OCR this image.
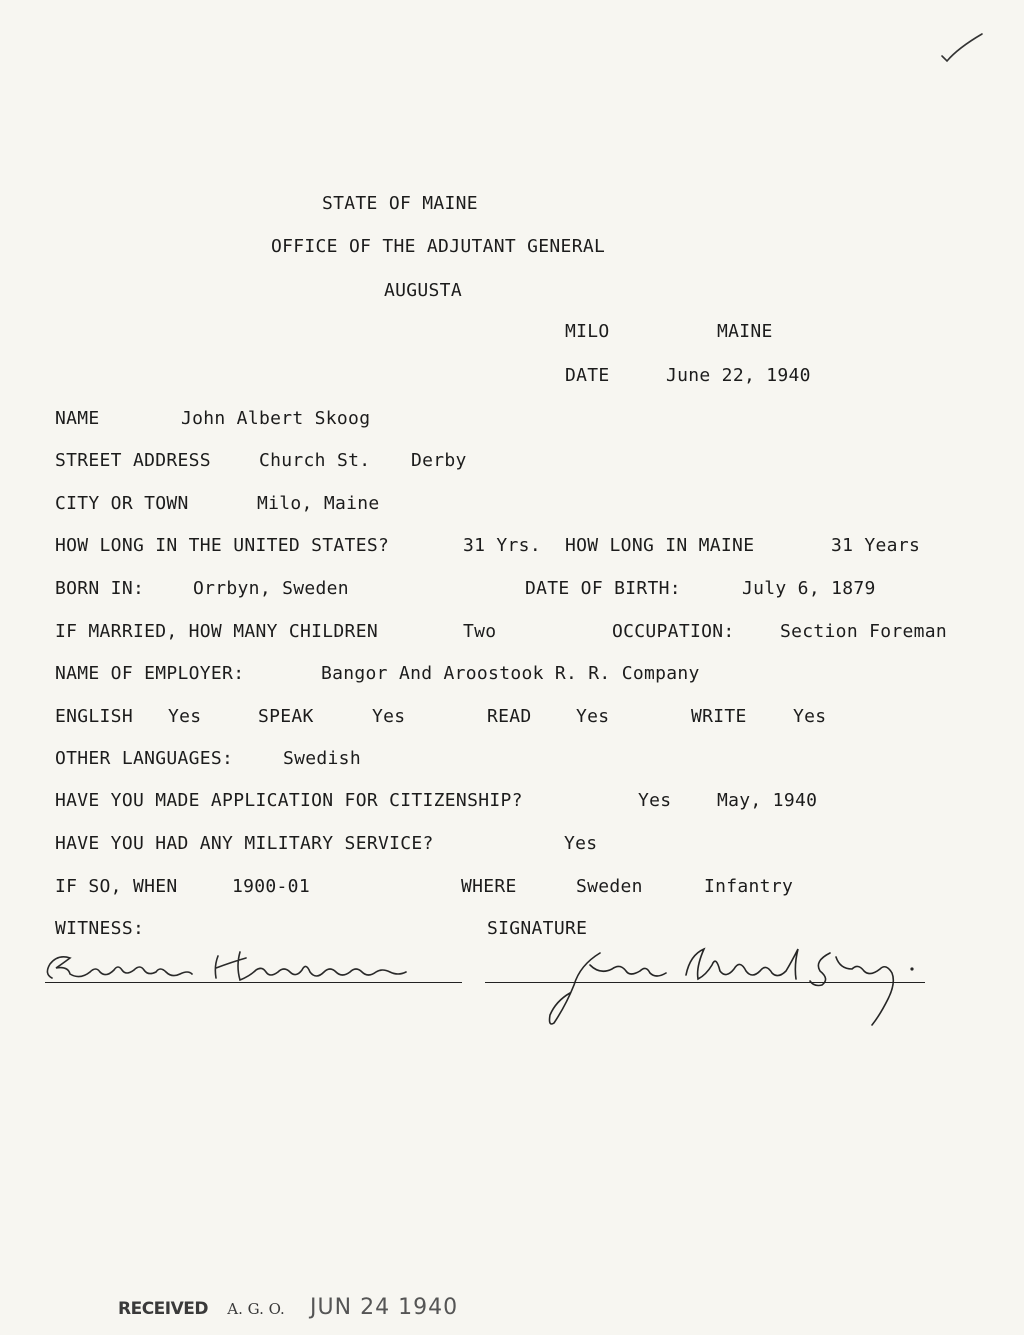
STATE OF MAINE
OFFICE OF THE ADJUTANT GENERAL
AUGUSTA
MILO	MAINE
DATE	June 22, 1940
NAME	John Albert Skoog
STREET ADDRESS	Church St. Derby
CITY OR TOWN	Milo, Maine
HOW LONG IN THE UNITED STATES?	31 Yrs. HOW LONG IN MAINE	31 Years
BORN IN:	Orrbyn, Sweden	DATE OF BIRTH:	July 6, 1879
IF MARRIED, HOW MANY CHILDREN	Two	OCCUPATION:	Section Foreman
NAME OF EMPLOYER:	Bangor And Aroostook R. R. Company
ENGLISH Yes	SPEAK	Yes	READ Yes	WRITE	Yes
OTHER LANGUAGES:	Swedish
HAVE YOU MADE APPLICATION FOR CITIZENSHIP?	Yes	May, 1940
HAVE YOU HAD ANY MILITARY SERVICE?	Yes
IF SO, WHEN	1900-01	WHERE	Sweden	Infantry
WITNESS:	SIGNATURE
RECEIVED A. G. O. JUN 24 1940
